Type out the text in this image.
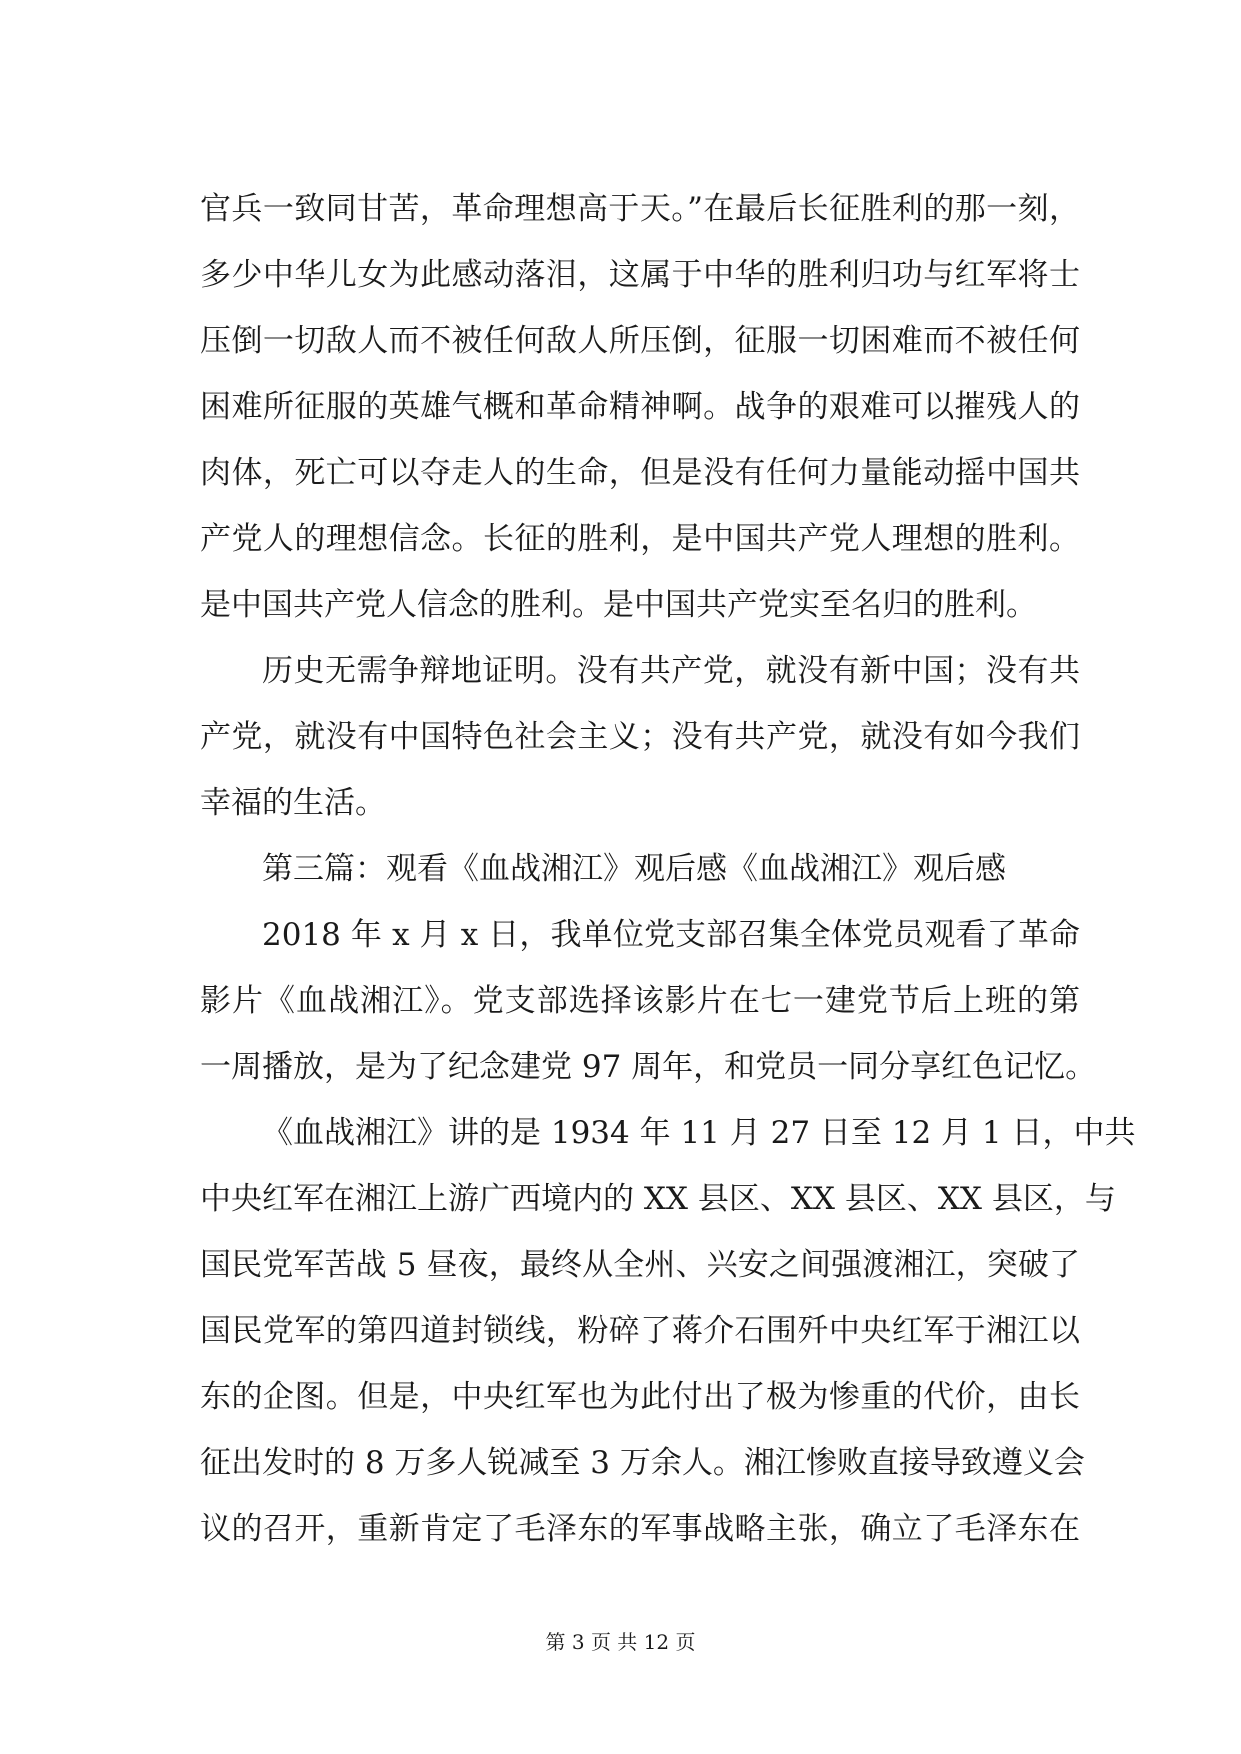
官兵一致同甘苦，革命理想高于天。”在最后长征胜利的那一刻，
多少中华儿女为此感动落泪，这属于中华的胜利归功与红军将士
压倒一切敌人而不被任何敌人所压倒，征服一切困难而不被任何
困难所征服的英雄气概和革命精神啊。战争的艰难可以摧残人的
肉体，死亡可以夺走人的生命，但是没有任何力量能动摇中国共
产党人的理想信念。长征的胜利，是中国共产党人理想的胜利。
是中国共产党人信念的胜利。是中国共产党实至名归的胜利。
历史无需争辩地证明。没有共产党，就没有新中国；没有共
产党，就没有中国特色社会主义；没有共产党，就没有如今我们
幸福的生活。
第三篇：观看《血战湘江》观后感《血战湘江》观后感
2018 年 x 月 x 日，我单位党支部召集全体党员观看了革命
影片《血战湘江》。党支部选择该影片在七一建党节后上班的第
一周播放，是为了纪念建党 97 周年，和党员一同分享红色记忆。
《血战湘江》讲的是 1934 年 11 月 27 日至 12 月 1 日，中共
中央红军在湘江上游广西境内的 XX 县区、XX 县区、XX 县区，与
国民党军苦战 5 昼夜，最终从全州、兴安之间强渡湘江，突破了
国民党军的第四道封锁线，粉碎了蒋介石围歼中央红军于湘江以
东的企图。但是，中央红军也为此付出了极为惨重的代价，由长
征出发时的 8 万多人锐减至 3 万余人。湘江惨败直接导致遵义会
议的召开，重新肯定了毛泽东的军事战略主张，确立了毛泽东在
第 3 页 共 12 页
